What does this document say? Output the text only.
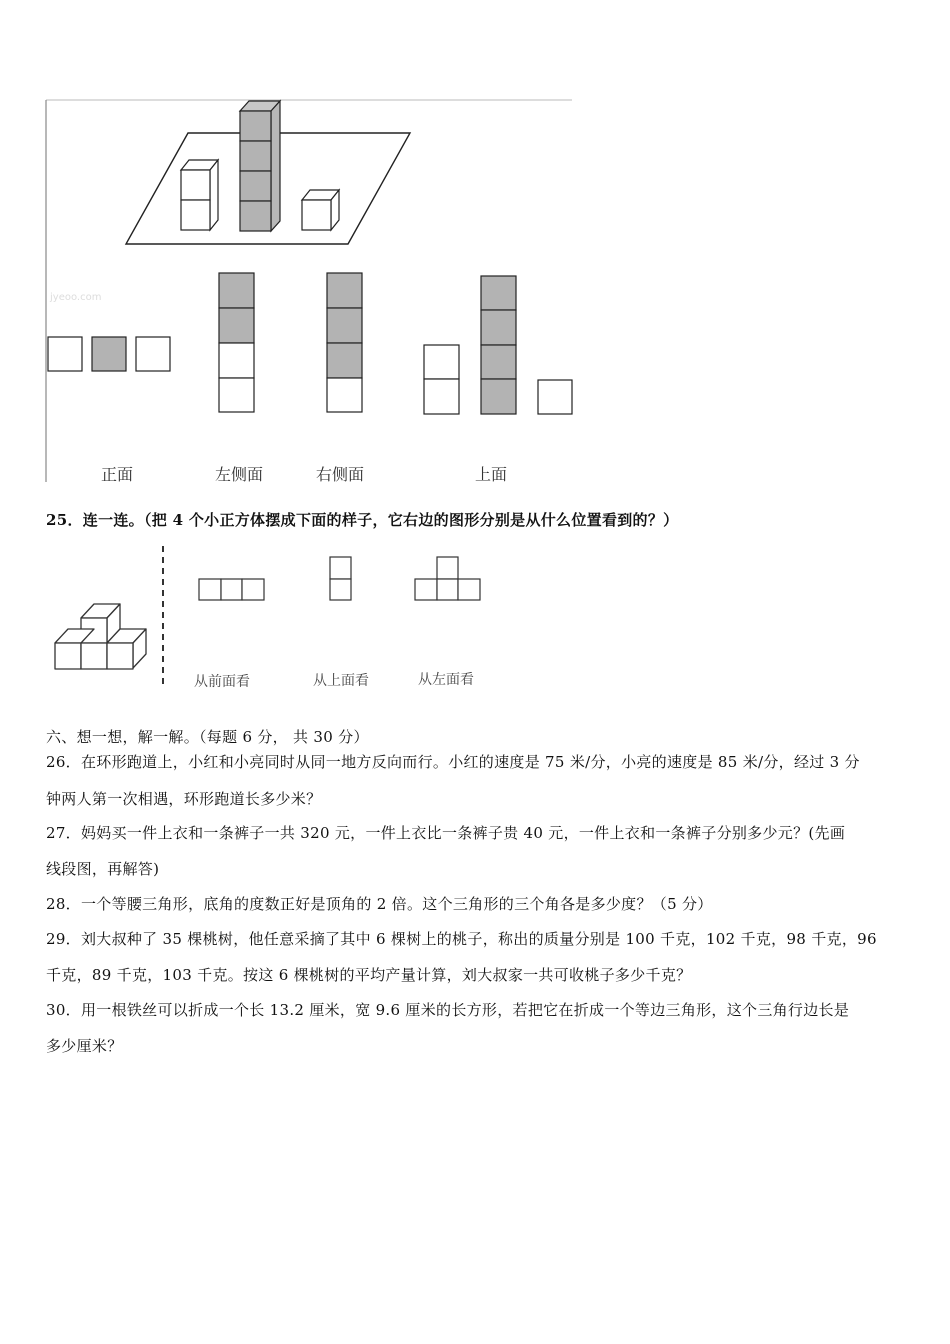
jyeoo.com
正面	左侧面	右侧面	上面
25．连一连。（把 4 个小正方体摆成下面的样子，它右边的图形分别是从什么位置看到的？）
从前面看	从上面看	从左面看
六、想一想，解一解。（每题 6 分， 共 30 分）
26．在环形跑道上，小红和小亮同时从同一地方反向而行。小红的速度是 75 米/分，小亮的速度是 85 米/分，经过 3 分
钟两人第一次相遇，环形跑道长多少米？
27．妈妈买一件上衣和一条裤子一共 320 元，一件上衣比一条裤子贵 40 元，一件上衣和一条裤子分别多少元？(先画
线段图，再解答)
28．一个等腰三角形，底角的度数正好是顶角的 2 倍。这个三角形的三个角各是多少度？（5 分）
29．刘大叔种了 35 棵桃树，他任意采摘了其中 6 棵树上的桃子，称出的质量分别是 100 千克，102 千克，98 千克，96
千克，89 千克，103 千克。按这 6 棵桃树的平均产量计算，刘大叔家一共可收桃子多少千克？
30．用一根铁丝可以折成一个长 13.2 厘米，宽 9.6 厘米的长方形，若把它在折成一个等边三角形，这个三角行边长是
多少厘米？
